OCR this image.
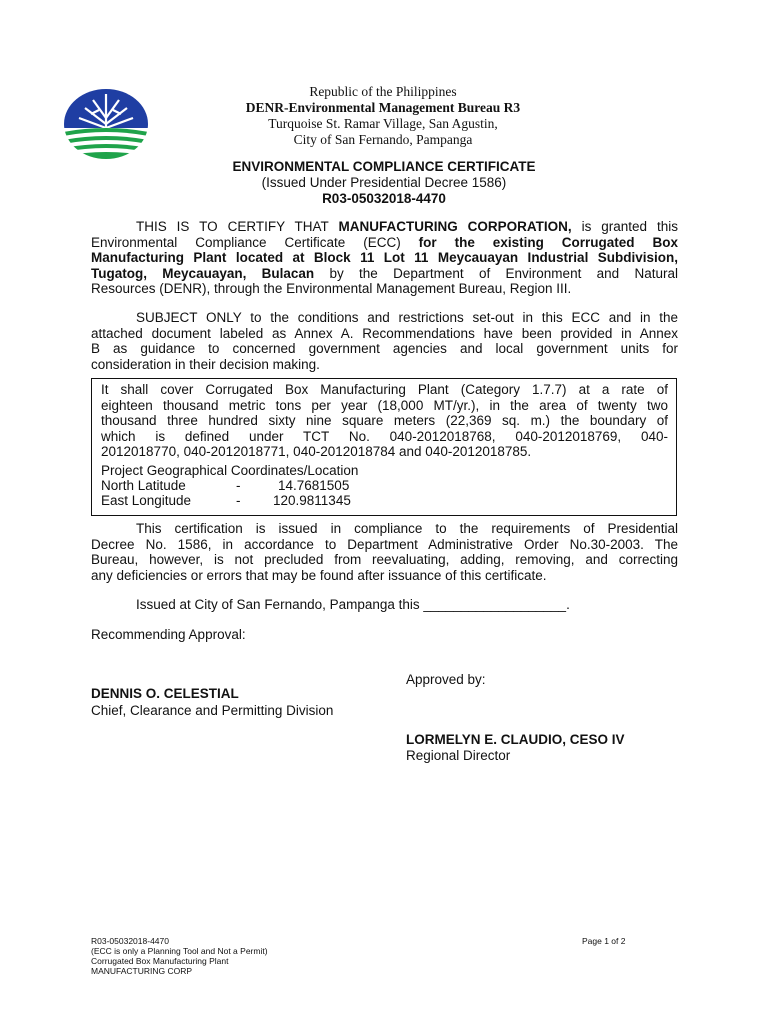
Republic of the Philippines
DENR-Environmental Management Bureau R3
Turquoise St. Ramar Village, San Agustin,
City of San Fernando, Pampanga
ENVIRONMENTAL COMPLIANCE CERTIFICATE
(Issued Under Presidential Decree 1586)
R03-05032018-4470
THIS IS TO CERTIFY THAT MANUFACTURING CORPORATION, is granted this
Environmental Compliance Certificate (ECC) for the existing Corrugated Box
Manufacturing Plant located at Block 11 Lot 11 Meycauayan Industrial Subdivision,
Tugatog, Meycauayan, Bulacan by the Department of Environment and Natural
Resources (DENR), through the Environmental Management Bureau, Region III.
SUBJECT ONLY to the conditions and restrictions set-out in this ECC and in the
attached document labeled as Annex A. Recommendations have been provided in Annex
B as guidance to concerned government agencies and local government units for
consideration in their decision making.
It shall cover Corrugated Box Manufacturing Plant (Category 1.7.7) at a rate of
eighteen thousand metric tons per year (18,000 MT/yr.), in the area of twenty two
thousand three hundred sixty nine square meters (22,369 sq. m.) the boundary of
which is defined under TCT No. 040-2012018768, 040-2012018769, 040-
2012018770, 040-2012018771, 040-2012018784 and 040-2012018785.
Project Geographical Coordinates/Location
North Latitude	-	14.7681505
East Longitude	- 120.9811345
This certification is issued in compliance to the requirements of Presidential
Decree No. 1586, in accordance to Department Administrative Order No.30-2003. The
Bureau, however, is not precluded from reevaluating, adding, removing, and correcting
any deficiencies or errors that may be found after issuance of this certificate.
Issued at City of San Fernando, Pampanga this ___________________.
Recommending Approval:
Approved by:
DENNIS O. CELESTIAL
Chief, Clearance and Permitting Division
LORMELYN E. CLAUDIO, CESO IV
Regional Director
R03-05032018-4470
(ECC is only a Planning Tool and Not a Permit)
Corrugated Box Manufacturing Plant
MANUFACTURING CORP
Page 1 of 2
